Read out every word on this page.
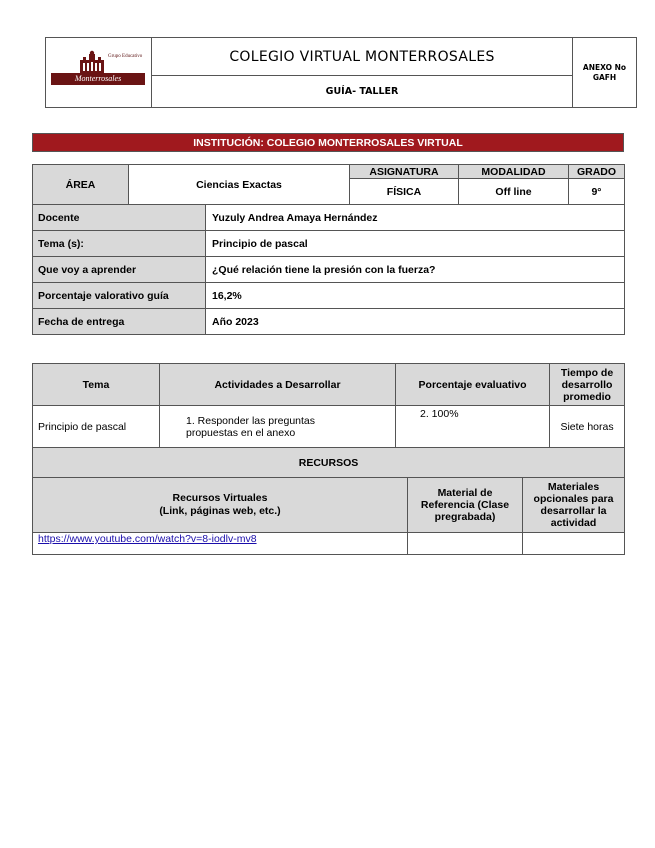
Grupo Educativo
Monterrosales
COLEGIO VIRTUAL MONTERROSALES
GUÍA- TALLER
ANEXO No
GAFH
INSTITUCIÓN: COLEGIO MONTERROSALES VIRTUAL
ÁREA	Ciencias Exactas		ASIGNATURA	MODALIDAD	GRADO
			FÍSICA	Off line	9°
Docente		Yuzuly Andrea Amaya Hernández			
Tema (s):		Principio de pascal			
Que voy a aprender		¿Qué relación tiene la presión con la fuerza?			
Porcentaje valorativo guía		16,2%			
Fecha de entrega		Año 2023			
Tema	Actividades a Desarrollar	Porcentaje evaluativo			Tiempo de desarrollo promedio
Principio de pascal	1. Responder las preguntas propuestas en el anexo	2. 100%			Siete horas
RECURSOS					

Recursos Virtuales
(Link, páginas web, etc.)			Material de Referencia (Clase pregrabada)	Materiales opcionales para desarrollar la actividad	
https://www.youtube.com/watch?v=8-iodlv-mv8					
